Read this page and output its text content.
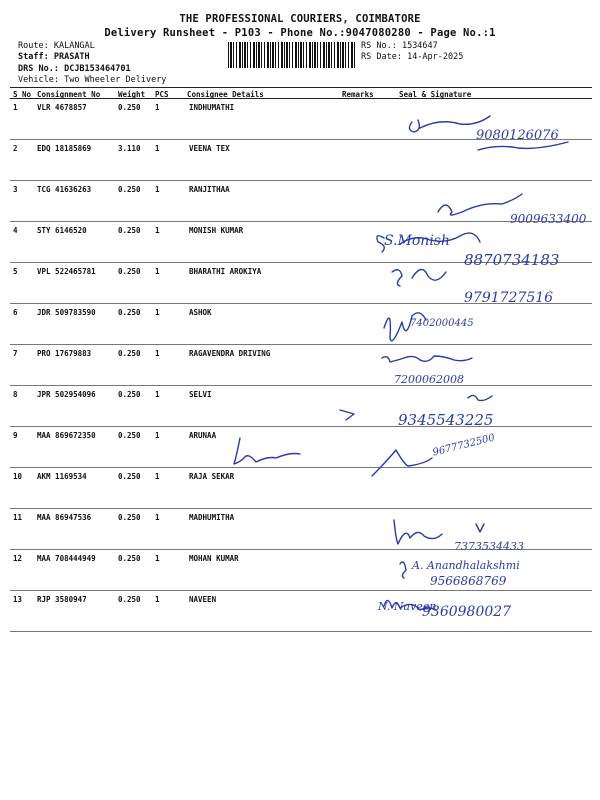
THE PROFESSIONAL COURIERS, COIMBATORE
Delivery Runsheet - P103 - Phone No.:9047080280 - Page No.:1
Route: KALANGAL
Staff: PRASATH
DRS No.: DCJB153464701
Vehicle: Two Wheeler Delivery
RS No.: 1534647
RS Date: 14-Apr-2025
S No Consignment No Weight PCS Consignee Details	Remarks	Seal & Signature
1	VLR 4678857	0.250 1	INDHUMATHI
2	EDQ 18185869	3.110 1	VEENA TEX
3	TCG 41636263	0.250 1	RANJITHAA
4	STY 6146520	0.250 1	MONISH KUMAR
5	VPL 522465781	0.250 1	BHARATHI AROKIYA
6	JDR 509783590	0.250 1	ASHOK
7	PRO 17679883	0.250 1	RAGAVENDRA DRIVING
8	JPR 502954096	0.250 1	SELVI
9	MAA 869672350	0.250 1	ARUNAA
10 AKM 1169534	0.250 1	RAJA SEKAR
11 MAA 86947536	0.250 1	MADHUMITHA
12 MAA 708444949	0.250 1	MOHAN KUMAR
13 RJP 3580947	0.250 1	NAVEEN
9080126076
9009633400
S.Monish
8870734183
9791727516
7402000445
7200062008
9345543225
9677732500
7373534433
A. Anandhalakshmi
9566868769
N. Naveen
9360980027
